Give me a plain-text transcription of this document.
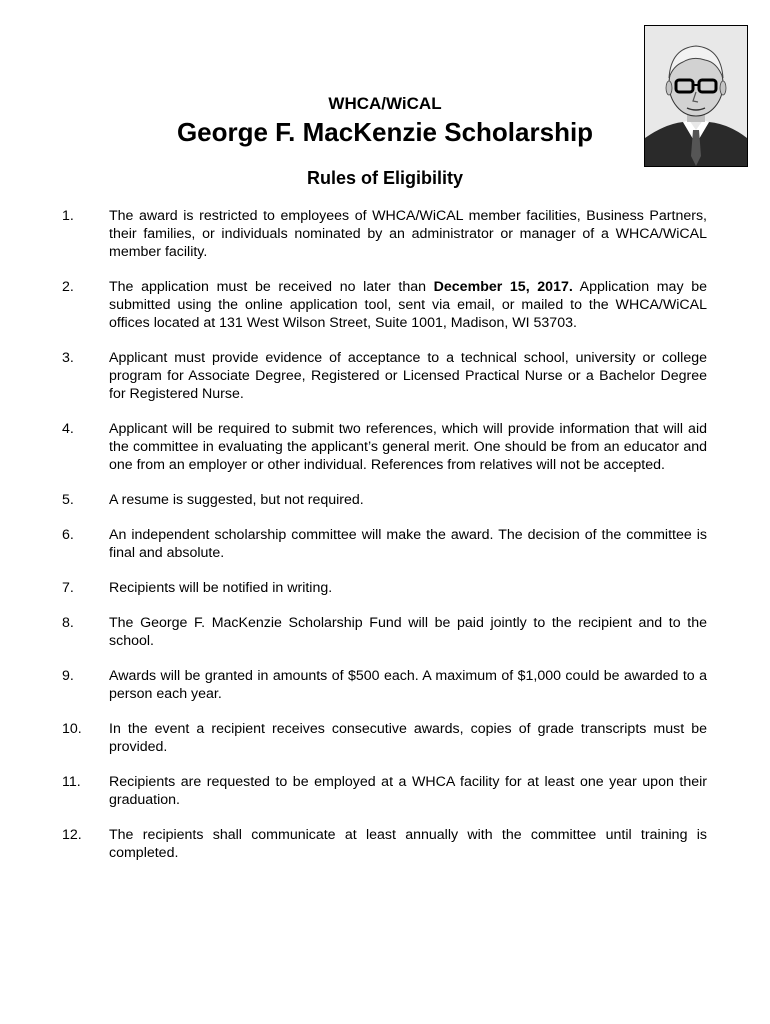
WHCA/WiCAL
George F. MacKenzie Scholarship
Rules of Eligibility
1. The award is restricted to employees of WHCA/WiCAL member facilities, Business Partners, their families, or individuals nominated by an administrator or manager of a WHCA/WiCAL member facility.
2. The application must be received no later than December 15, 2017. Application may be submitted using the online application tool, sent via email, or mailed to the WHCA/WiCAL offices located at 131 West Wilson Street, Suite 1001, Madison, WI 53703.
3. Applicant must provide evidence of acceptance to a technical school, university or college program for Associate Degree, Registered or Licensed Practical Nurse or a Bachelor Degree for Registered Nurse.
4. Applicant will be required to submit two references, which will provide information that will aid the committee in evaluating the applicant’s general merit. One should be from an educator and one from an employer or other individual. References from relatives will not be accepted.
5. A resume is suggested, but not required.
6. An independent scholarship committee will make the award. The decision of the committee is final and absolute.
7. Recipients will be notified in writing.
8. The George F. MacKenzie Scholarship Fund will be paid jointly to the recipient and to the school.
9. Awards will be granted in amounts of $500 each. A maximum of $1,000 could be awarded to a person each year.
10. In the event a recipient receives consecutive awards, copies of grade transcripts must be provided.
11. Recipients are requested to be employed at a WHCA facility for at least one year upon their graduation.
12. The recipients shall communicate at least annually with the committee until training is completed.
